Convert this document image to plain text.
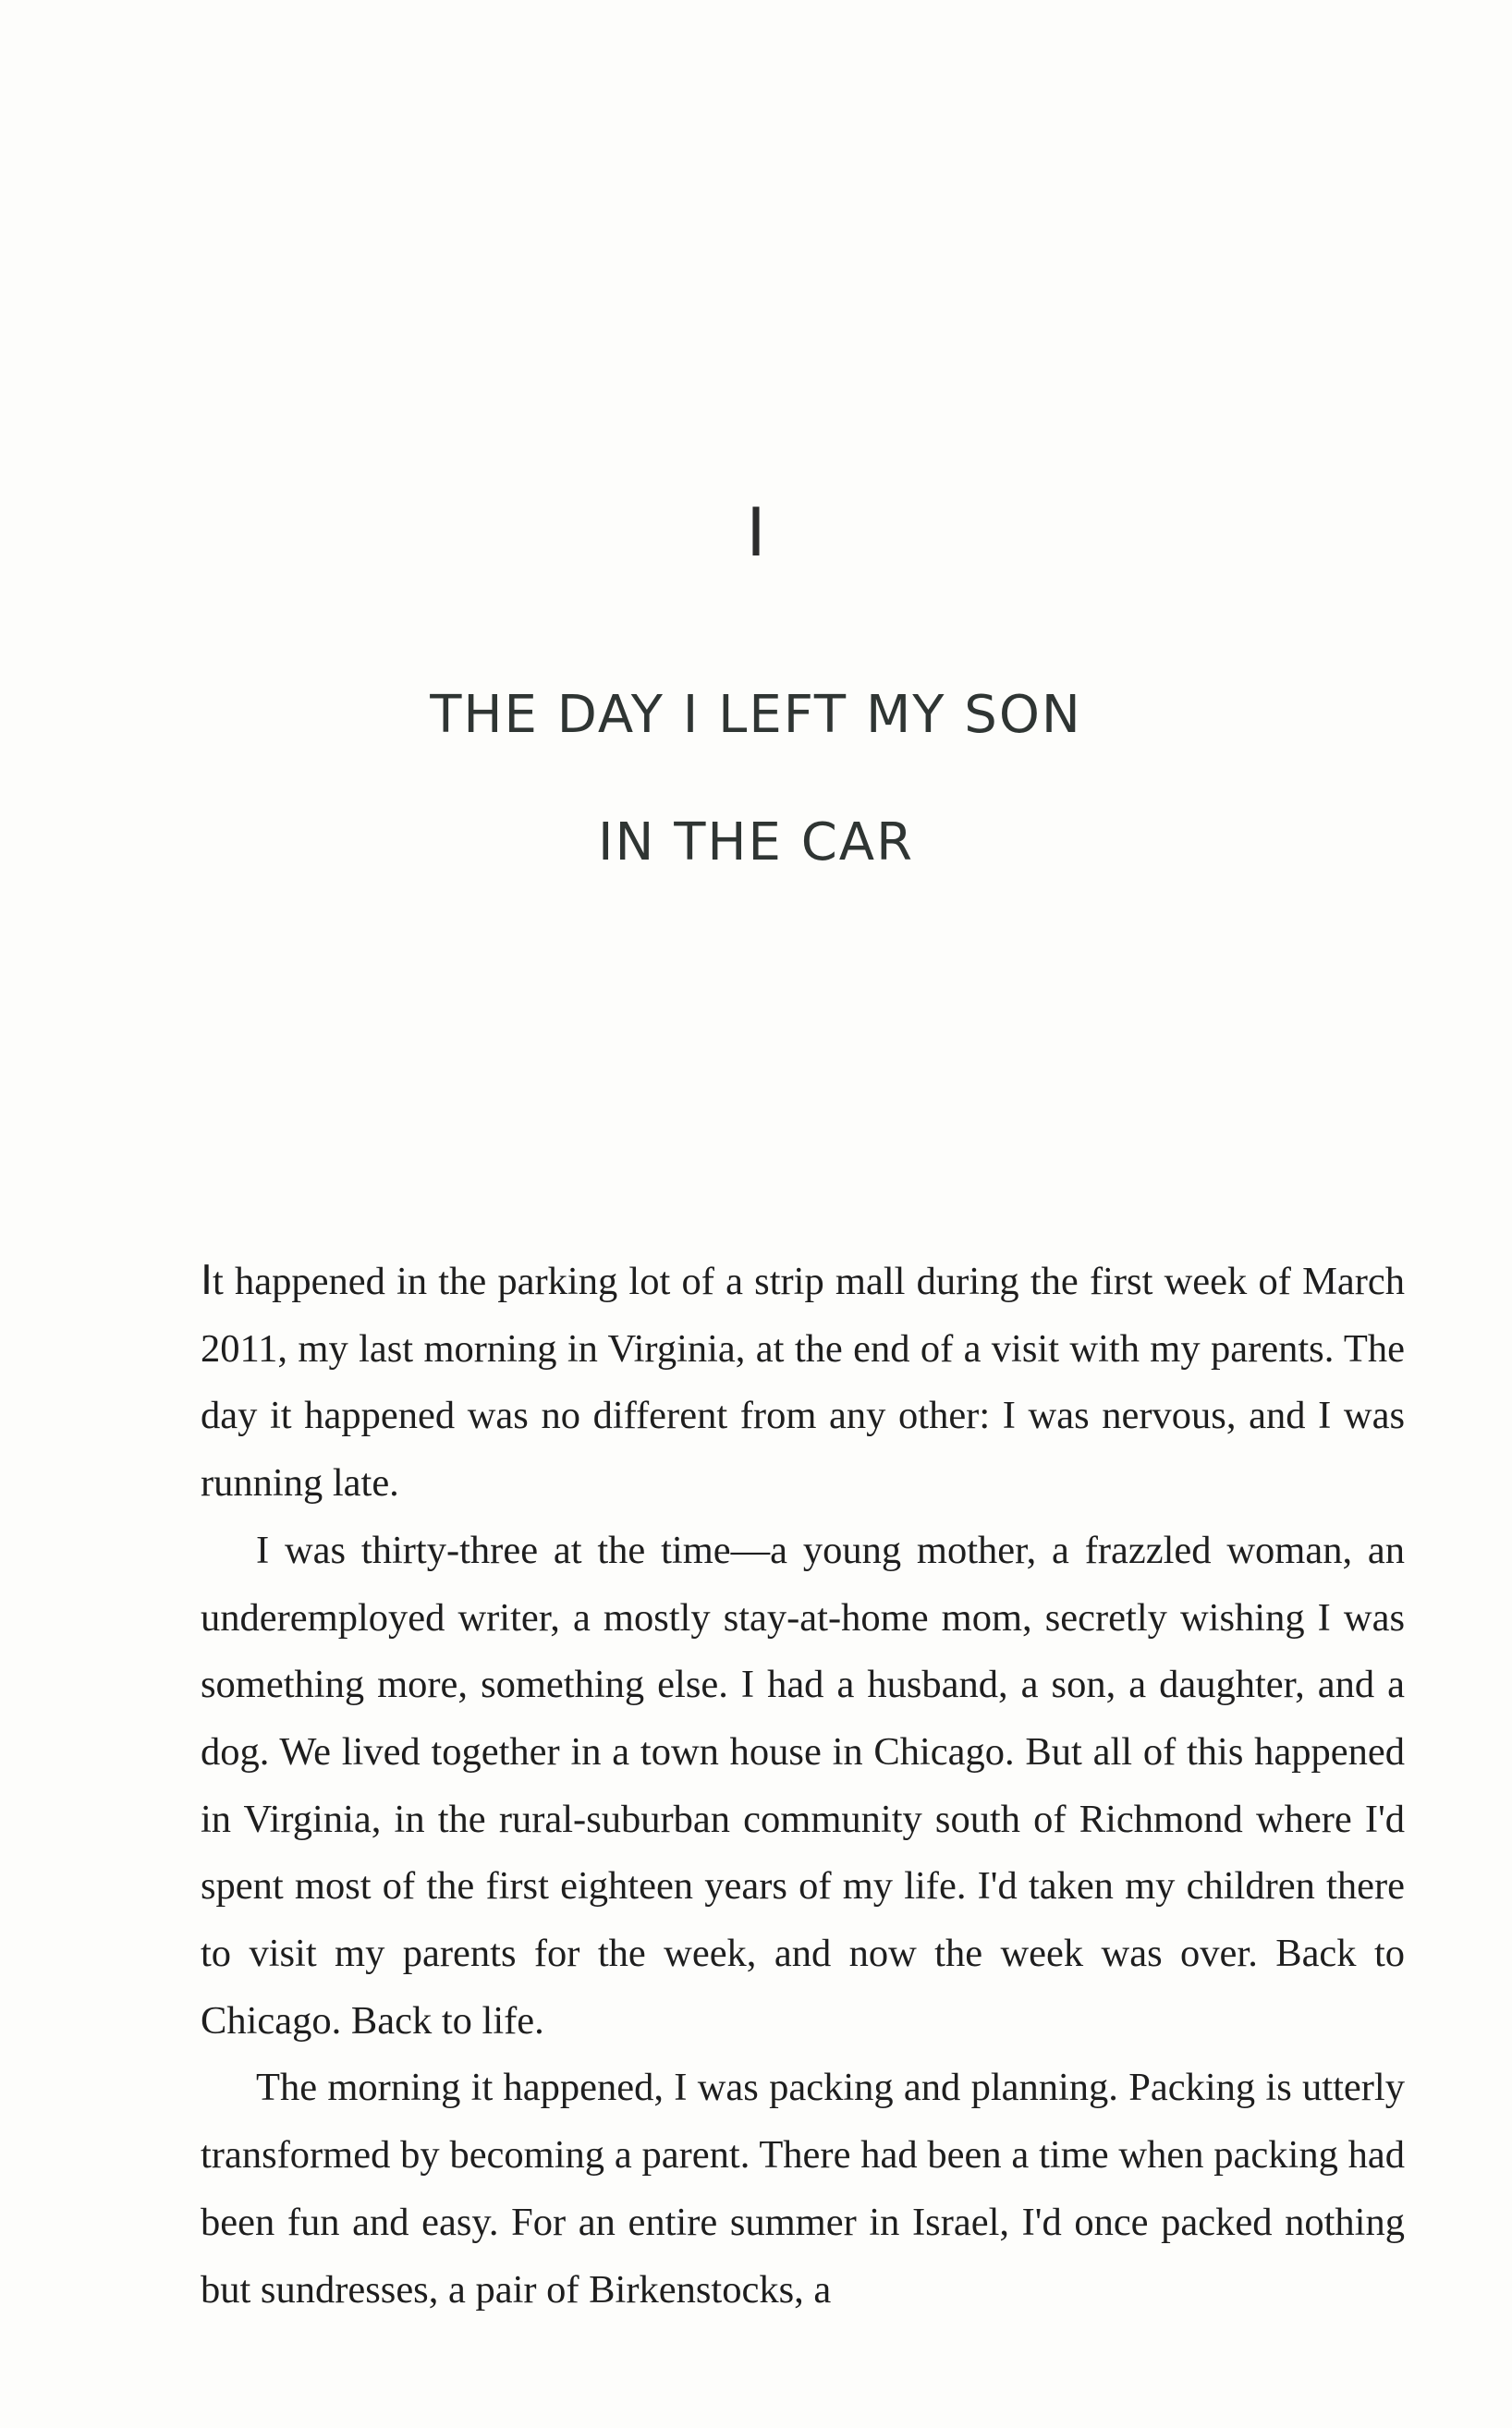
I
THE DAY I LEFT MY SON
IN THE CAR

It happened in the parking lot of a strip mall during the first week of March 2011, my last morning in Virginia, at the end of a visit with my parents. The day it happened was no different from any other: I was nervous, and I was running late.

I was thirty-three at the time—a young mother, a frazzled woman, an underemployed writer, a mostly stay-at-home mom, secretly wishing I was something more, something else. I had a husband, a son, a daughter, and a dog. We lived together in a town house in Chicago. But all of this happened in Virginia, in the rural-suburban community south of Richmond where I'd spent most of the first eighteen years of my life. I'd taken my children there to visit my parents for the week, and now the week was over. Back to Chicago. Back to life.

The morning it happened, I was packing and planning. Packing is utterly transformed by becoming a parent. There had been a time when packing had been fun and easy. For an entire summer in Israel, I'd once packed nothing but sundresses, a pair of Birkenstocks, a
